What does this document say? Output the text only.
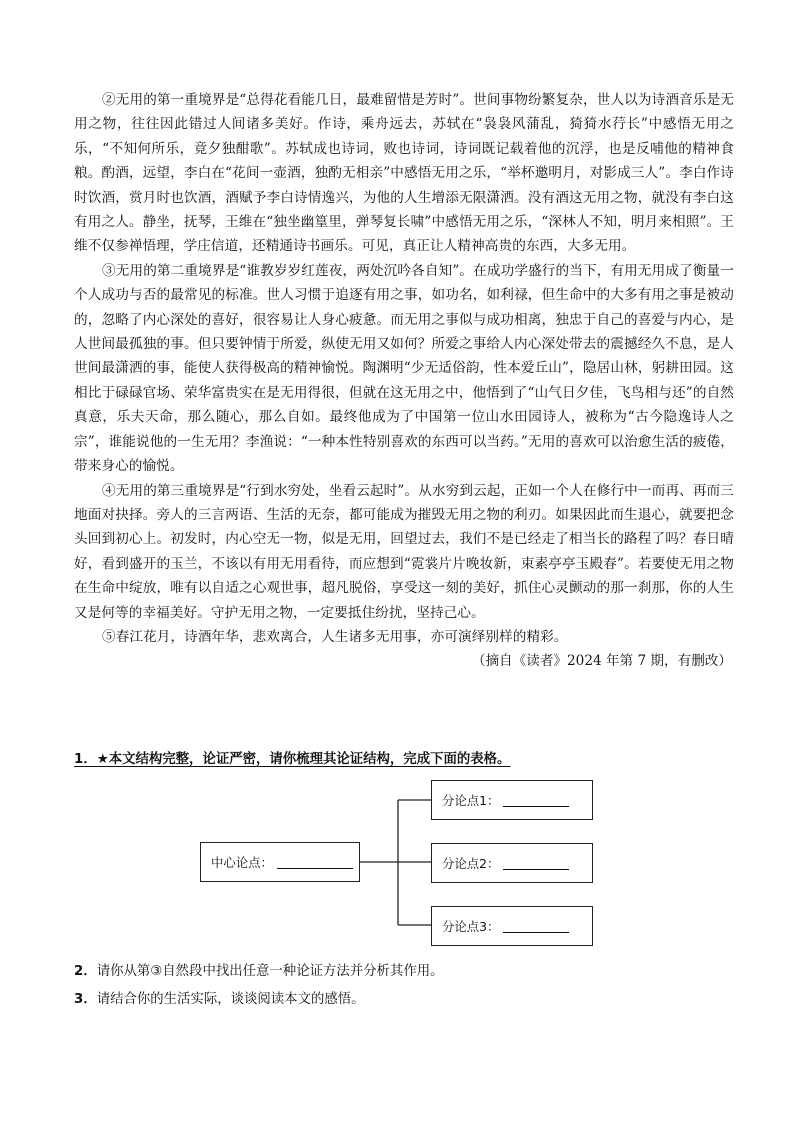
②无用的第一重境界是“总得花看能几日，最难留惜是芳时”。世间事物纷繁复杂，世人以为诗酒音乐是无用之物，往往因此错过人间诸多美好。作诗，乘舟远去，苏轼在“袅袅风蒲乱，猗猗水荇长”中感悟无用之乐，“不知何所乐，竟夕独酣歌”。苏轼成也诗词，败也诗词，诗词既记载着他的沉浮，也是反哺他的精神食粮。酌酒，远望，李白在“花间一壶酒，独酌无相亲”中感悟无用之乐，“举杯邀明月，对影成三人”。李白作诗时饮酒，赏月时也饮酒，酒赋予李白诗情逸兴，为他的人生增添无限潇洒。没有酒这无用之物，就没有李白这有用之人。静坐，抚琴，王维在“独坐幽篁里，弹琴复长啸”中感悟无用之乐，“深林人不知，明月来相照”。王维不仅参禅悟理，学庄信道，还精通诗书画乐。可见，真正让人精神高贵的东西，大多无用。

③无用的第二重境界是“谁教岁岁红莲夜，两处沉吟各自知”。在成功学盛行的当下，有用无用成了衡量一个人成功与否的最常见的标准。世人习惯于追逐有用之事，如功名，如利禄，但生命中的大多有用之事是被动的，忽略了内心深处的喜好，很容易让人身心疲惫。而无用之事似与成功相离，独忠于自己的喜爱与内心，是人世间最孤独的事。但只要钟情于所爱，纵使无用又如何？所爱之事给人内心深处带去的震撼经久不息，是人世间最潇洒的事，能使人获得极高的精神愉悦。陶渊明“少无适俗韵，性本爱丘山”，隐居山林，躬耕田园。这相比于碌碌官场、荣华富贵实在是无用得很，但就在这无用之中，他悟到了“山气日夕佳，飞鸟相与还”的自然真意，乐夫天命，那么随心，那么自如。最终他成为了中国第一位山水田园诗人，被称为“古今隐逸诗人之宗”，谁能说他的一生无用？李渔说：“一种本性特别喜欢的东西可以当药。”无用的喜欢可以治愈生活的疲倦，带来身心的愉悦。

④无用的第三重境界是“行到水穷处，坐看云起时”。从水穷到云起，正如一个人在修行中一而再、再而三地面对抉择。旁人的三言两语、生活的无奈，都可能成为摧毁无用之物的利刃。如果因此而生退心，就要把念头回到初心上。初发时，内心空无一物，似是无用，回望过去，我们不是已经走了相当长的路程了吗？春日晴好，看到盛开的玉兰，不该以有用无用看待，而应想到“霓裳片片晚妆新，束素亭亭玉殿春”。若要使无用之物在生命中绽放，唯有以自适之心观世事，超凡脱俗，享受这一刻的美好，抓住心灵颤动的那一刹那，你的人生又是何等的幸福美好。守护无用之物，一定要抵住纷扰，坚持己心。

⑤春江花月，诗酒年华，悲欢离合，人生诸多无用事，亦可演绎别样的精彩。

（摘自《读者》2024 年第 7 期，有删改）

1．★本文结构完整，论证严密，请你梳理其论证结构，完成下面的表格。

中心论点：
分论点1：
分论点2：
分论点3：

2．请你从第③自然段中找出任意一种论证方法并分析其作用。

3．请结合你的生活实际，谈谈阅读本文的感悟。
